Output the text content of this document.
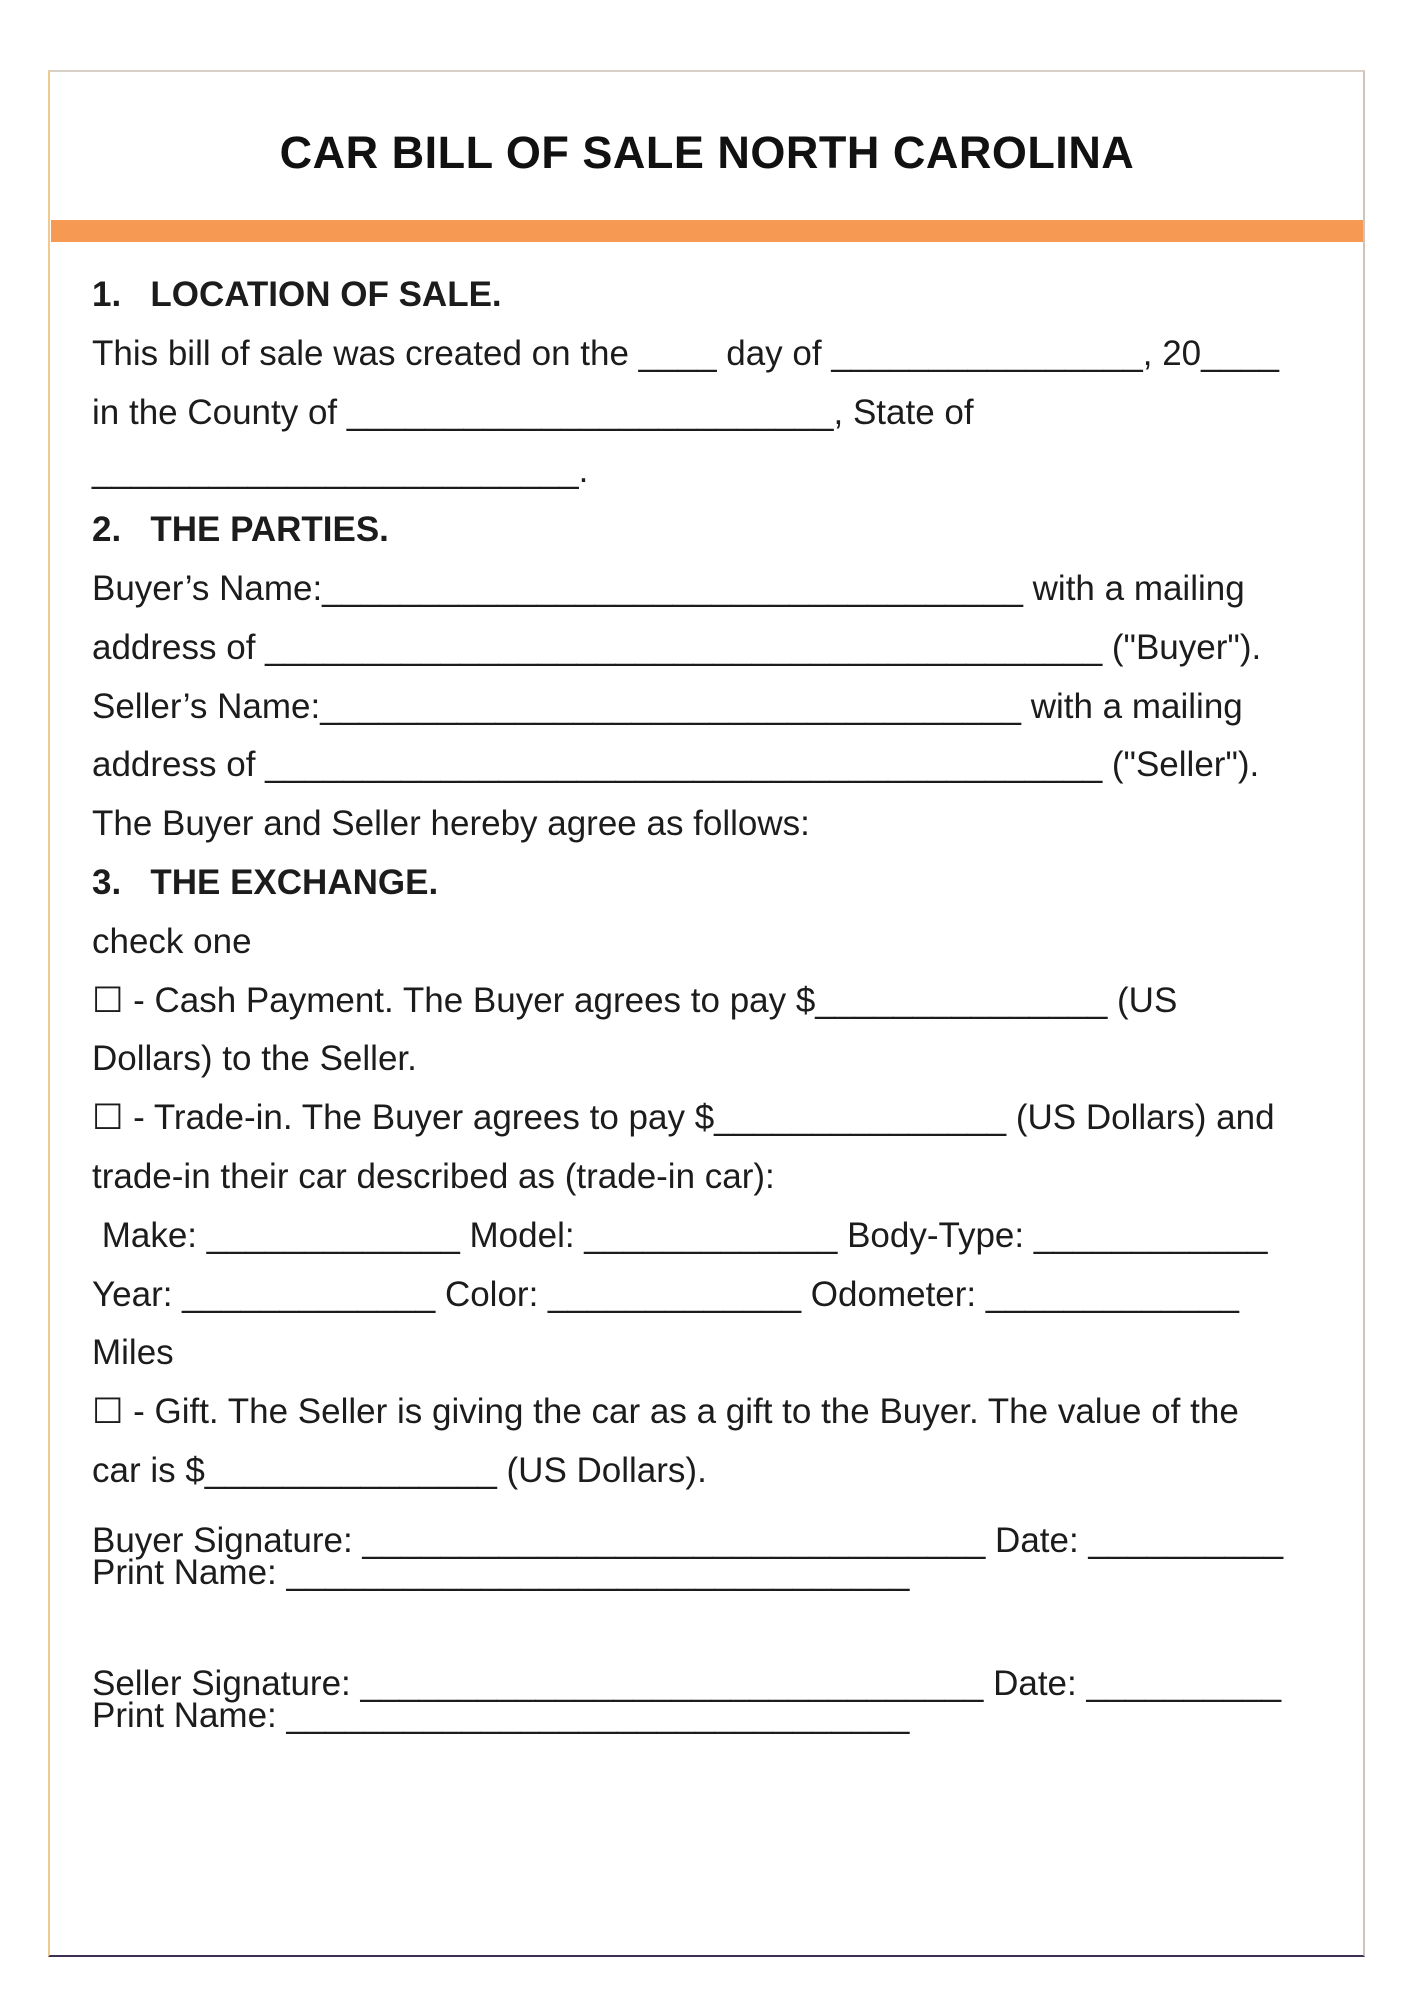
CAR BILL OF SALE NORTH CAROLINA
1.   LOCATION OF SALE.
This bill of sale was created on the ____ day of ________________, 20____
in the County of _________________________, State of
_________________________.
2.   THE PARTIES.
Buyer’s Name:____________________________________ with a mailing
address of ___________________________________________ ("Buyer").
Seller’s Name:____________________________________ with a mailing
address of ___________________________________________ ("Seller").
The Buyer and Seller hereby agree as follows:
3.   THE EXCHANGE.
check one
☐ - Cash Payment. The Buyer agrees to pay $_______________ (US
Dollars) to the Seller.
☐ - Trade-in. The Buyer agrees to pay $_______________ (US Dollars) and
trade-in their car described as (trade-in car):
Make: _____________ Model: _____________ Body-Type: ____________
Year: _____________ Color: _____________ Odometer: _____________
Miles
☐ - Gift. The Seller is giving the car as a gift to the Buyer. The value of the
car is $_______________ (US Dollars).
Buyer Signature: ________________________________ Date: __________
Print Name: ________________________________
Seller Signature: ________________________________ Date: __________
Print Name: ________________________________
